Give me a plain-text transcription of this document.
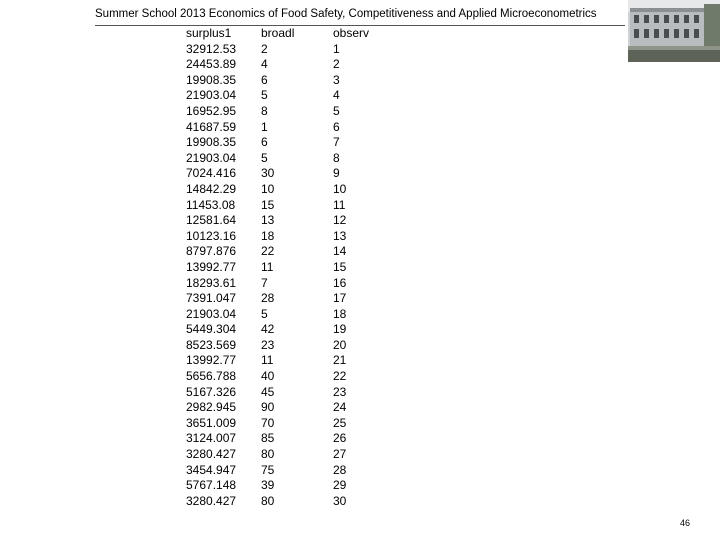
Summer School 2013 Economics of Food Safety, Competitiveness and Applied Microeconometrics
surplus1	broadl	observ
32912.53	2	1
24453.89	4	2
19908.35	6	3
21903.04	5	4
16952.95	8	5
41687.59	1	6
19908.35	6	7
21903.04	5	8
7024.416	30	9
14842.29	10	10
11453.08	15	11
12581.64	13	12
10123.16	18	13
8797.876	22	14
13992.77	11	15
18293.61	7	16
7391.047	28	17
21903.04	5	18
5449.304	42	19
8523.569	23	20
13992.77	11	21
5656.788	40	22
5167.326	45	23
2982.945	90	24
3651.009	70	25
3124.007	85	26
3280.427	80	27
3454.947	75	28
5767.148	39	29
3280.427	80	30
46
